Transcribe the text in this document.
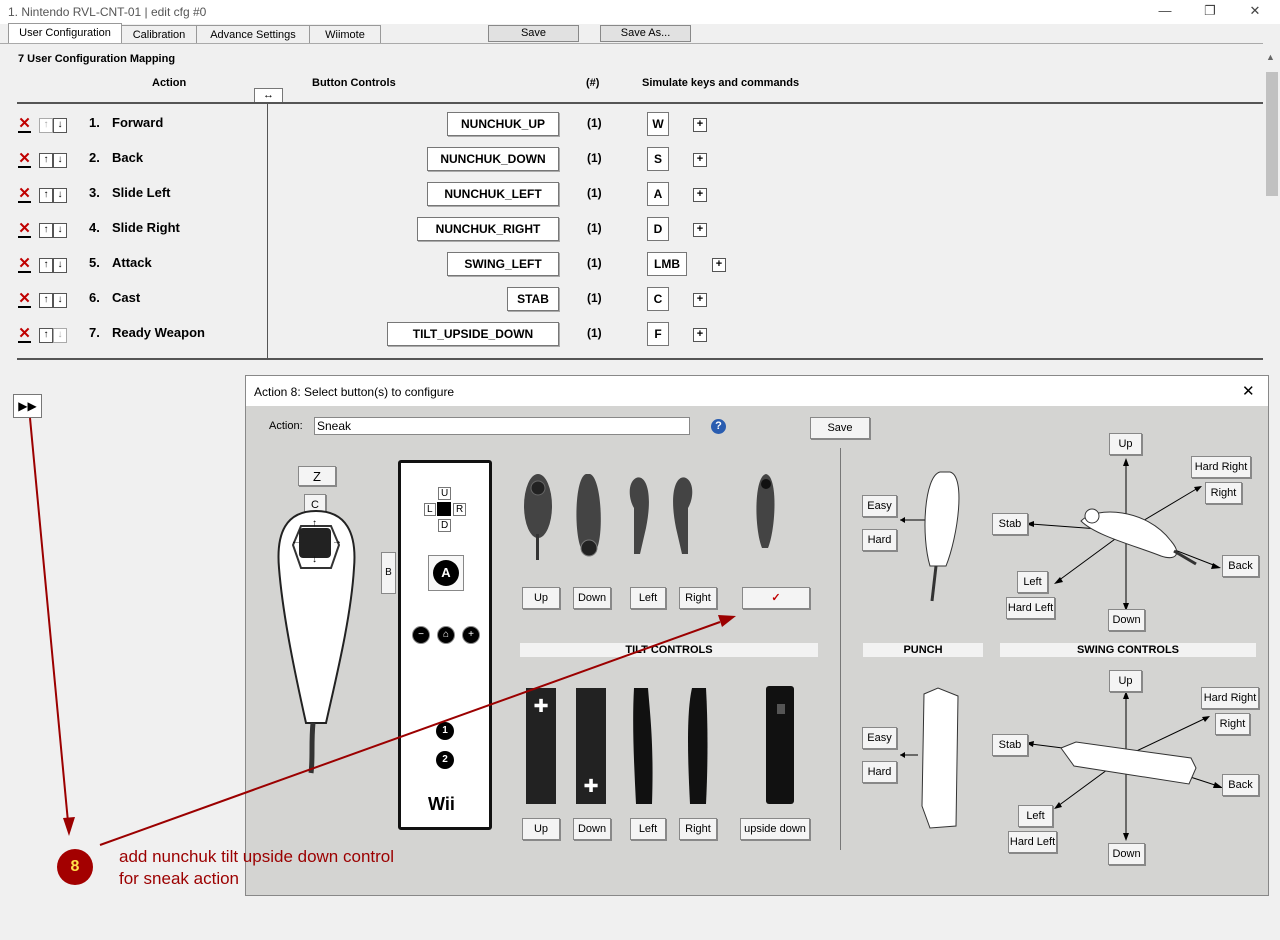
1. Nintendo RVL-CNT-01 | edit cfg #0	—	❐	✕
User Configuration	Calibration	Advance Settings	Wiimote	Save	Save As...
7 User Configuration Mapping
Action	Button Controls	(#)	Simulate keys and commands
↔
✕	↑ ↓	1. Forward	NUNCHUK_UP	(1)	W	+
✕	↑ ↓	2. Back	NUNCHUK_DOWN	(1)	S	+
✕	↑ ↓	3. Slide Left	NUNCHUK_LEFT	(1)	A	+
✕	↑ ↓	4. Slide Right	NUNCHUK_RIGHT	(1)	D	+
✕	↑ ↓	5. Attack	SWING_LEFT	(1)	LMB	+
✕	↑ ↓	6. Cast	STAB	(1)	C	+
✕	↑ ↓	7. Ready Weapon	TILT_UPSIDE_DOWN	(1)	F	+
▶▶
▲
Action 8: Select button(s) to configure	✕
Action:
Sneak	?	Save
Z
C
↑
↓
←	→
B
U
L	R
D
A
−	⌂	+
1
2
Wii
✓
TILT CONTROLS
✚
✚
Easy
Hard
PUNCH
Easy
Hard
SWING CONTROLS
Up
Hard Right
Right
Stab
Back
Left
Hard Left
Down
Up
Hard Right
Right
Stab
Back
Left
Hard Left
Down
Up	Down	Left	Right
Up	Down	Left	Right	upside down
8
add nunchuk tilt upside down control
for sneak action
